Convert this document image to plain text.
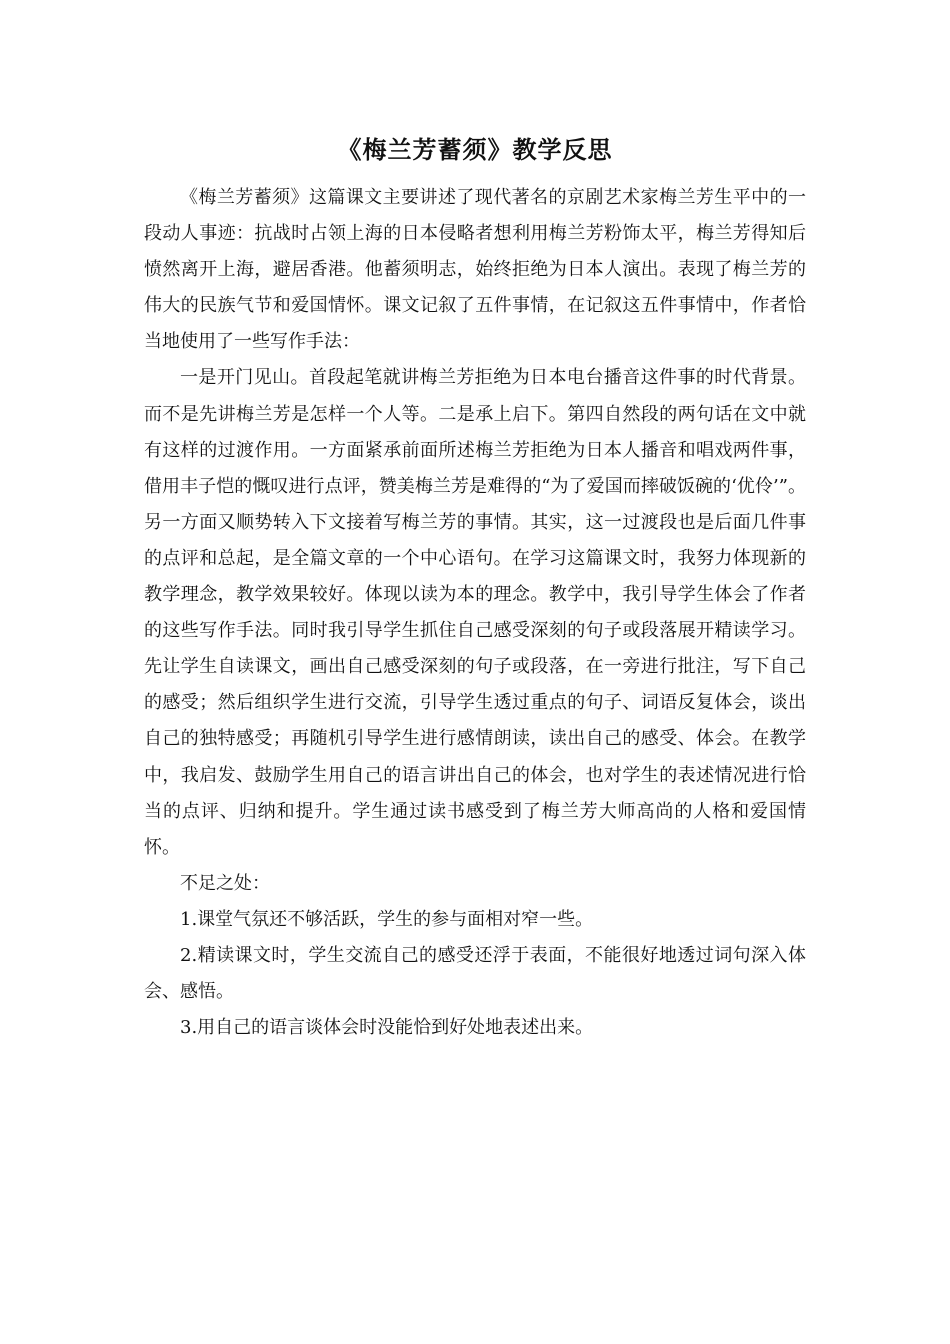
《梅兰芳蓄须》教学反思

《梅兰芳蓄须》这篇课文主要讲述了现代著名的京剧艺术家梅兰芳生平中的一段动人事迹：抗战时占领上海的日本侵略者想利用梅兰芳粉饰太平，梅兰芳得知后愤然离开上海，避居香港。他蓄须明志，始终拒绝为日本人演出。表现了梅兰芳的伟大的民族气节和爱国情怀。课文记叙了五件事情，在记叙这五件事情中，作者恰当地使用了一些写作手法：

一是开门见山。首段起笔就讲梅兰芳拒绝为日本电台播音这件事的时代背景。而不是先讲梅兰芳是怎样一个人等。二是承上启下。第四自然段的两句话在文中就有这样的过渡作用。一方面紧承前面所述梅兰芳拒绝为日本人播音和唱戏两件事，借用丰子恺的慨叹进行点评，赞美梅兰芳是难得的“为了爱国而摔破饭碗的‘优伶’”。另一方面又顺势转入下文接着写梅兰芳的事情。其实，这一过渡段也是后面几件事的点评和总起，是全篇文章的一个中心语句。在学习这篇课文时，我努力体现新的教学理念，教学效果较好。体现以读为本的理念。教学中，我引导学生体会了作者的这些写作手法。同时我引导学生抓住自己感受深刻的句子或段落展开精读学习。先让学生自读课文，画出自己感受深刻的句子或段落，在一旁进行批注，写下自己的感受；然后组织学生进行交流，引导学生透过重点的句子、词语反复体会，谈出自己的独特感受；再随机引导学生进行感情朗读，读出自己的感受、体会。在教学中，我启发、鼓励学生用自己的语言讲出自己的体会，也对学生的表述情况进行恰当的点评、归纳和提升。学生通过读书感受到了梅兰芳大师高尚的人格和爱国情怀。

不足之处：

1.课堂气氛还不够活跃，学生的参与面相对窄一些。

2.精读课文时，学生交流自己的感受还浮于表面，不能很好地透过词句深入体会、感悟。

3.用自己的语言谈体会时没能恰到好处地表述出来。
